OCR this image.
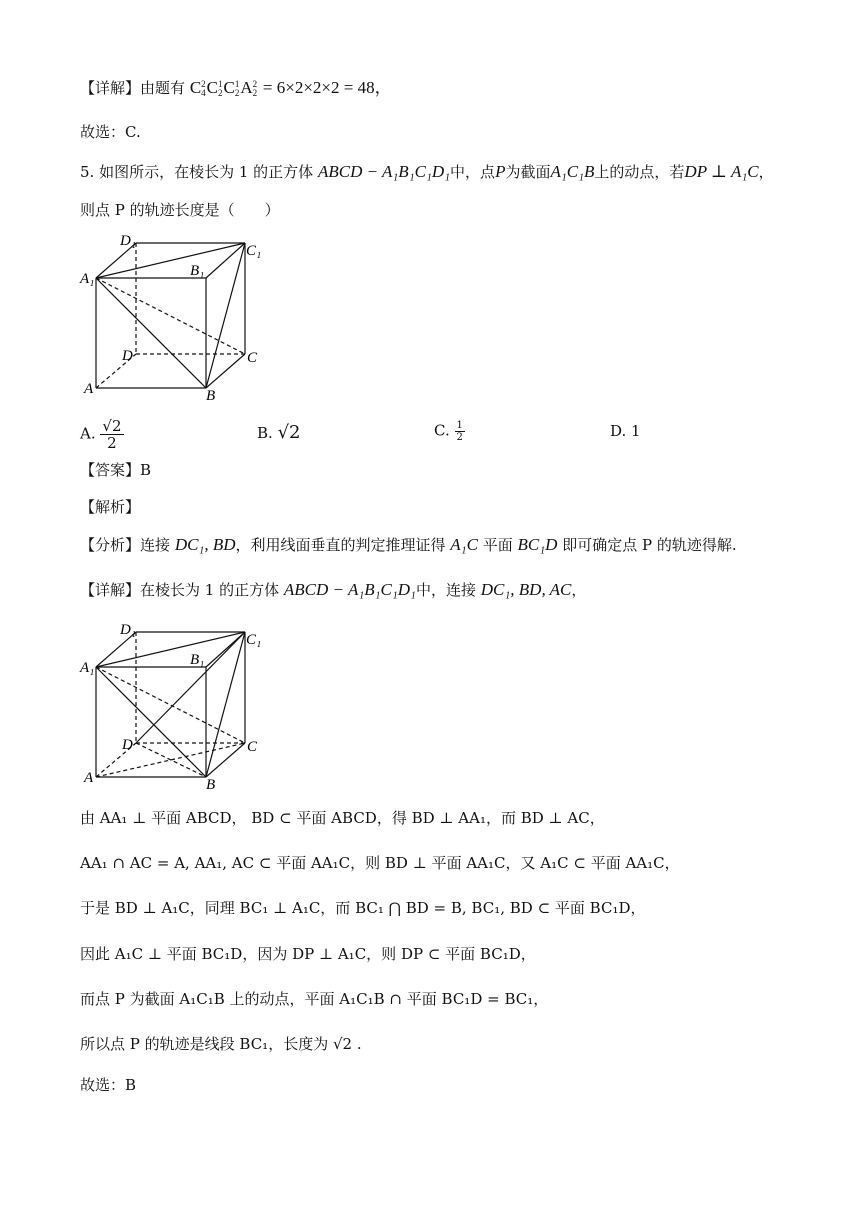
【详解】由题有 C 2
4 C 1
2 C 1
2 A 2
2 = 6×2×2×2 = 48，
故选：C.
5. 如图所示，在棱长为 1 的正方体 ABCD − A₁B₁C₁D₁中，点P为截面A₁C₁B上的动点，若DP ⊥ A₁C，
则点 P 的轨迹长度是（　　）
D₁
C₁
A₁	B₁
D	C
A	B
A. $\frac{√2}{2}$	B. √2	C. $\frac{1}{2}$	D. 1
【答案】B
【解析】
【分析】连接 DC₁, BD，利用线面垂直的判定推理证得 A₁C 平面 BC₁D 即可确定点 P 的轨迹得解.
【详解】在棱长为 1 的正方体 ABCD − A₁B₁C₁D₁中，连接 DC₁, BD, AC，
D₁
C₁
A₁	B₁
D	C
A	B
由 AA₁ ⊥ 平面 ABCD， BD ⊂ 平面 ABCD，得 BD ⊥ AA₁，而 BD ⊥ AC，
AA₁ ∩ AC = A, AA₁, AC ⊂ 平面 AA₁C，则 BD ⊥ 平面 AA₁C，又 A₁C ⊂ 平面 AA₁C，
于是 BD ⊥ A₁C，同理 BC₁ ⊥ A₁C，而 BC₁ ⋂ BD = B, BC₁, BD ⊂ 平面 BC₁D，
因此 A₁C ⊥ 平面 BC₁D，因为 DP ⊥ A₁C，则 DP ⊂ 平面 BC₁D，
而点 P 为截面 A₁C₁B 上的动点，平面 A₁C₁B ∩ 平面 BC₁D = BC₁，
所以点 P 的轨迹是线段 BC₁，长度为 √2 .
故选：B
